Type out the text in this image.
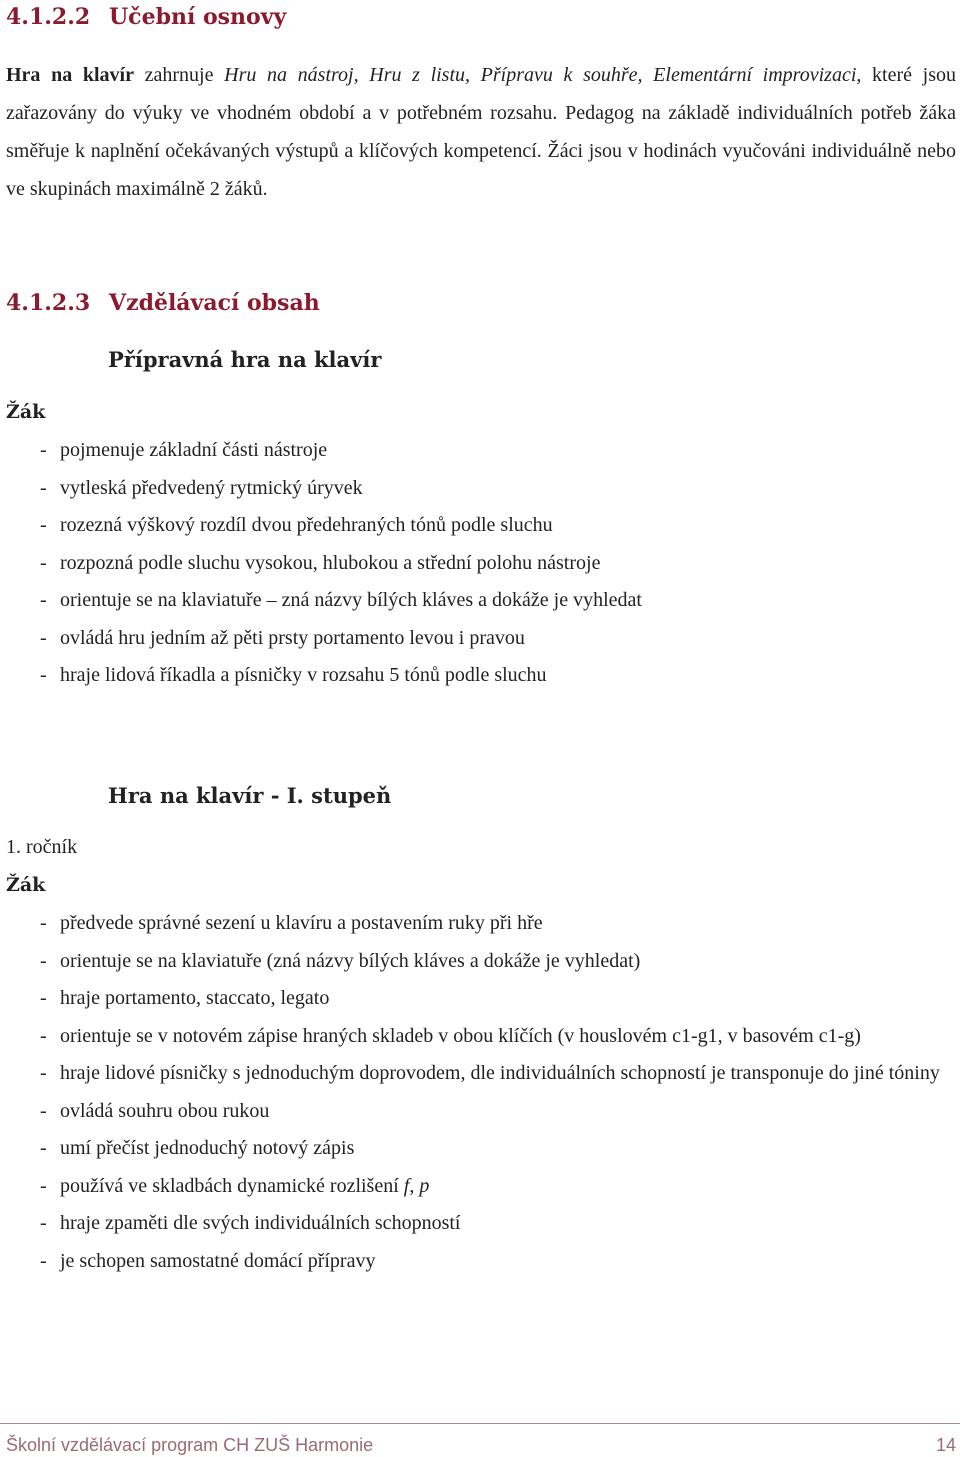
4.1.2.2 Učební osnovy

Hra na klavír zahrnuje Hru na nástroj, Hru z listu, Přípravu k souhře, Elementární improvizaci, které jsou zařazovány do výuky ve vhodném období a v potřebném rozsahu. Pedagog na základě individuálních potřeb žáka směřuje k naplnění očekávaných výstupů a klíčových kompetencí. Žáci jsou v hodinách vyučováni individuálně nebo ve skupinách maximálně 2 žáků.

4.1.2.3 Vzdělávací obsah
Přípravná hra na klavír
Žák
- pojmenuje základní části nástroje
- vytleská předvedený rytmický úryvek
- rozezná výškový rozdíl dvou předehraných tónů podle sluchu
- rozpozná podle sluchu vysokou, hlubokou a střední polohu nástroje
- orientuje se na klaviatuře – zná názvy bílých kláves a dokáže je vyhledat
- ovládá hru jedním až pěti prsty portamento levou i pravou
- hraje lidová říkadla a písničky v rozsahu 5 tónů podle sluchu
Hra na klavír - I. stupeň
1. ročník
Žák
- předvede správné sezení u klavíru a postavením ruky při hře
- orientuje se na klaviatuře (zná názvy bílých kláves a dokáže je vyhledat)
- hraje portamento, staccato, legato
- orientuje se v notovém zápise hraných skladeb v obou klíčích (v houslovém c1-g1, v basovém c1-g)
- hraje lidové písničky s jednoduchým doprovodem, dle individuálních schopností je transponuje do jiné tóniny
- ovládá souhru obou rukou
- umí přečíst jednoduchý notový zápis
- používá ve skladbách dynamické rozlišení f, p
- hraje zpaměti dle svých individuálních schopností
- je schopen samostatné domácí přípravy
Školní vzdělávací program CH ZUŠ Harmonie	14
